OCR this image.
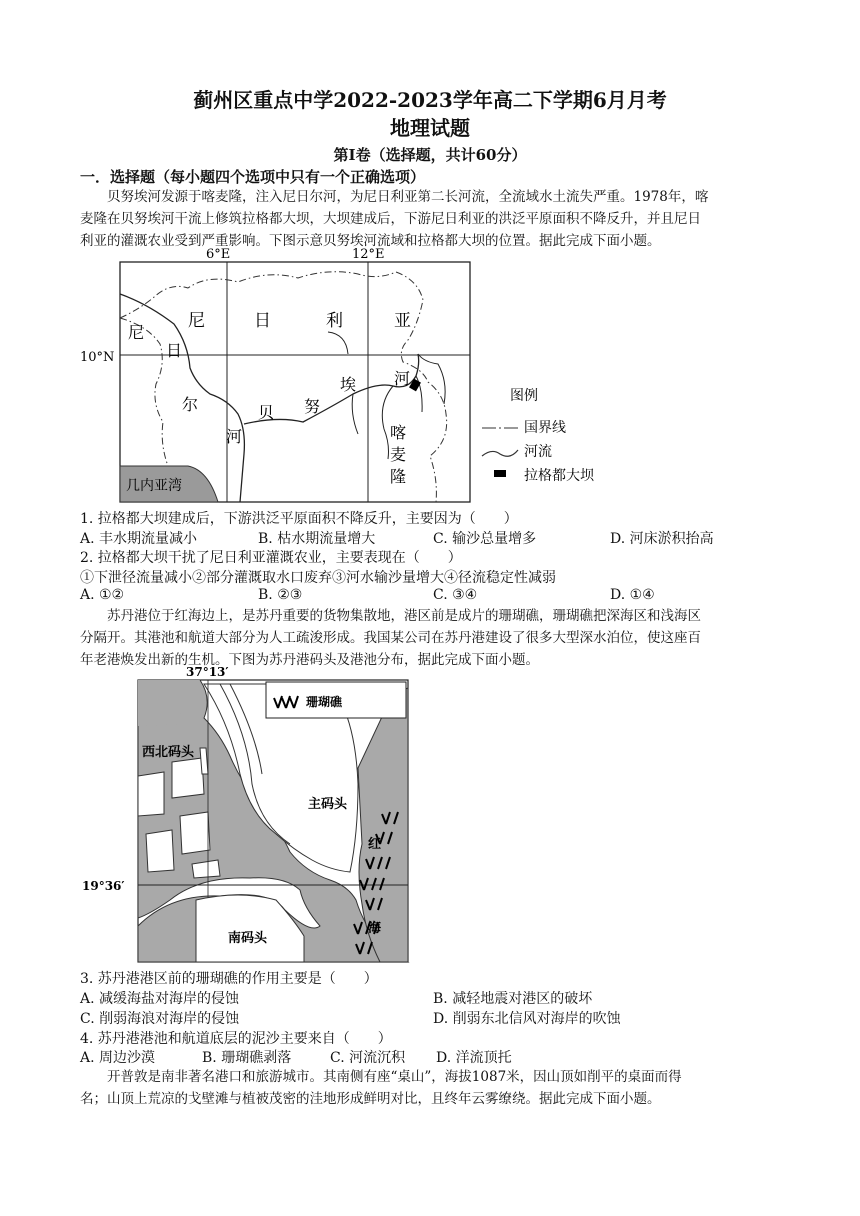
蓟州区重点中学2022-2023学年高二下学期6月月考
地理试题
第Ⅰ卷（选择题，共计60分）
一．选择题（每小题四个选项中只有一个正确选项）
贝努埃河发源于喀麦隆，注入尼日尔河，为尼日利亚第二长河流，全流域水土流失严重。1978年，喀
麦隆在贝努埃河干流上修筑拉格都大坝，大坝建成后，下游尼日利亚的洪泛平原面积不降反升，并且尼日
利亚的灌溉农业受到严重影响。下图示意贝努埃河流域和拉格都大坝的位置。据此完成下面小题。
6°E	12°E
10°N
几内亚湾
尼	日	利	亚
尼
日
尔
河
贝 努
埃 河
喀
麦
隆
图例
国界线
河流
拉格都大坝
1. 拉格都大坝建成后，下游洪泛平原面积不降反升，主要因为（　　）
A. 丰水期流量减小	B. 枯水期流量增大	C. 输沙总量增多	D. 河床淤积抬高
2. 拉格都大坝干扰了尼日利亚灌溉农业，主要表现在（　　）
①下泄径流量减小②部分灌溉取水口废弃③河水输沙量增大④径流稳定性减弱
A. ①②	B. ②③	C. ③④	D. ①④
苏丹港位于红海边上，是苏丹重要的货物集散地，港区前是成片的珊瑚礁，珊瑚礁把深海区和浅海区
分隔开。其港池和航道大部分为人工疏浚形成。我国某公司在苏丹港建设了很多大型深水泊位，使这座百
年老港焕发出新的生机。下图为苏丹港码头及港池分布，据此完成下面小题。
37°13′
19°36′
珊瑚礁
西北码头
主码头
南码头
红
海
3. 苏丹港港区前的珊瑚礁的作用主要是（　　）
A. 减缓海盐对海岸的侵蚀	B. 减轻地震对港区的破坏
C. 削弱海浪对海岸的侵蚀	D. 削弱东北信风对海岸的吹蚀
4. 苏丹港港池和航道底层的泥沙主要来自（　　）
A. 周边沙漠	B. 珊瑚礁剥落	C. 河流沉积 D. 洋流顶托
开普敦是南非著名港口和旅游城市。其南侧有座“桌山”，海拔1087米，因山顶如削平的桌面而得
名；山顶上荒凉的戈壁滩与植被茂密的洼地形成鲜明对比，且终年云雾缭绕。据此完成下面小题。
